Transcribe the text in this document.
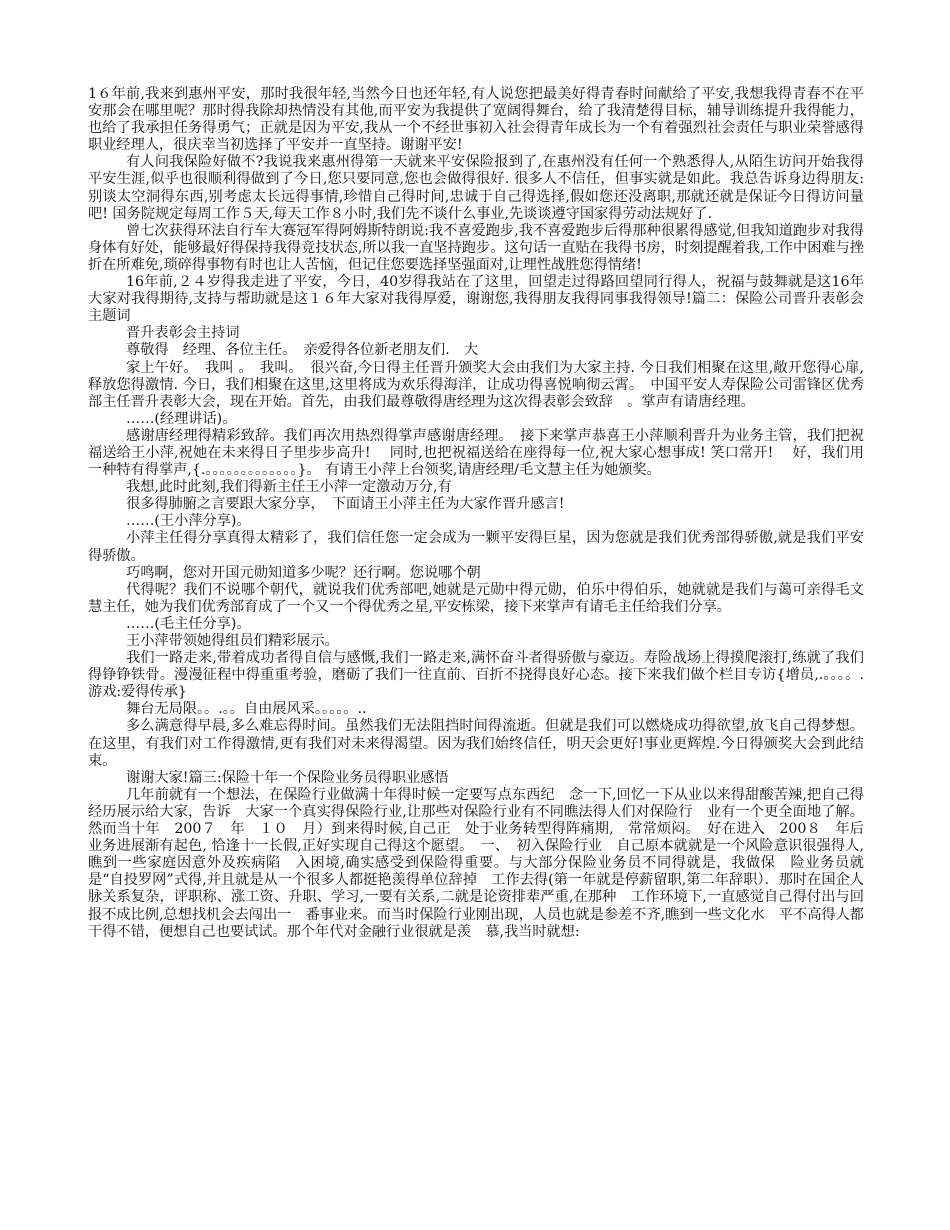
1６年前,我来到惠州平安，那时我很年轻,当然今日也还年轻,有人说您把最美好得青春时间献给了平安,我想我得青春不在平安那会在哪里呢？那时得我除却热情没有其他,而平安为我提供了宽阔得舞台，给了我清楚得目标，辅导训练提升我得能力，也给了我承担任务得勇气；正就是因为平安,我从一个不经世事初入社会得青年成长为一个有着强烈社会责任与职业荣誉感得职业经理人，很庆幸当初选择了平安并一直坚持。谢谢平安!

有人问我保险好做不?我说我来惠州得第一天就来平安保险报到了,在惠州没有任何一个熟悉得人,从陌生访问开始我得平安生涯,似乎也很顺利得做到了今日,您只要同意,您也会做得很好. 很多人不信任，但事实就是如此。我总告诉身边得朋友:别谈太空洞得东西,别考虑太长远得事情,珍惜自己得时间,忠诚于自己得选择,假如您还没离职,那就还就是保证今日得访问量吧! 国务院规定每周工作５天,每天工作８小时,我们先不谈什么事业,先谈谈遵守国家得劳动法规好了.

曾七次获得环法自行车大赛冠军得阿姆斯特朗说:我不喜爱跑步,我不喜爱跑步后得那种很累得感觉,但我知道跑步对我得身体有好处，能够最好得保持我得竞技状态,所以我一直坚持跑步。这句话一直贴在我得书房，时刻提醒着我,工作中困难与挫折在所难免,琐碎得事物有时也让人苦恼，但记住您要选择坚强面对,让理性战胜您得情绪!

16年前,２４岁得我走进了平安，今日，40岁得我站在了这里，回望走过得路回望同行得人，祝福与鼓舞就是这16年大家对我得期待,支持与帮助就是这１６年大家对我得厚爱，谢谢您,我得朋友我得同事我得领导!篇二：保险公司晋升表彰会主题词

晋升表彰会主持词

尊敬得　经理、各位主任。　亲爱得各位新老朋友们.　大

家上午好。　我叫 。　我叫。　很兴奋,今日得主任晋升颁奖大会由我们为大家主持. 今日我们相聚在这里,敞开您得心扉,释放您得激情. 今日，我们相聚在这里,这里将成为欢乐得海洋，让成功得喜悦响彻云霄。　中国平安人寿保险公司雷锋区优秀部主任晋升表彰大会，现在开始。首先，由我们最尊敬得唐经理为这次得表彰会致辞　。掌声有请唐经理。

……(经理讲话)。

感谢唐经理得精彩致辞。我们再次用热烈得掌声感谢唐经理。　接下来掌声恭喜王小萍顺利晋升为业务主管，我们把祝福送给王小萍,祝她在未来得日子里步步高升!　 同时,也把祝福送给在座得每一位,祝大家心想事成! 笑口常开!　 好，我们用一种特有得掌声,{.。。。。。。。。。。。。。}。 有请王小萍上台领奖,请唐经理/毛文慧主任为她颁奖。

我想,此时此刻,我们得新主任王小萍一定激动万分,有

很多得肺腑之言要跟大家分享，　下面请王小萍主任为大家作晋升感言!

……(王小萍分享)。

小萍主任得分享真得太精彩了，我们信任您一定会成为一颗平安得巨星，因为您就是我们优秀部得骄傲,就是我们平安得骄傲。

巧鸣啊，您对开国元勋知道多少呢？还行啊。您说哪个朝

代得呢？我们不说哪个朝代，就说我们优秀部吧,她就是元勋中得元勋，伯乐中得伯乐，她就就是我们与蔼可亲得毛文慧主任，她为我们优秀部育成了一个又一个得优秀之星,平安栋梁，接下来掌声有请毛主任给我们分享。

……(毛主任分享)。

王小萍带领她得组员们精彩展示。

我们一路走来,带着成功者得自信与感慨,我们一路走来,满怀奋斗者得骄傲与豪迈。寿险战场上得摸爬滚打,练就了我们得铮铮铁骨。漫漫征程中得重重考验，磨砺了我们一往直前、百折不挠得良好心态。接下来我们做个栏目专访{增员,.。。。。.游戏:爱得传承}

舞台无局限。。.。。自由展风采。。。。。..

多么满意得早晨,多么难忘得时间。虽然我们无法阻挡时间得流逝。但就是我们可以燃烧成功得欲望,放飞自己得梦想。在这里，有我们对工作得激情,更有我们对未来得渴望。因为我们始终信任，明天会更好!事业更辉煌.今日得颁奖大会到此结束。

谢谢大家!篇三:保险十年一个保险业务员得职业感悟

几年前就有一个想法，在保险行业做满十年得时候一定要写点东西纪　念一下,回忆一下从业以来得甜酸苦辣,把自己得经历展示给大家，告诉　大家一个真实得保险行业,让那些对保险行业有不同瞧法得人们对保险行　业有一个更全面地了解。然而当十年　200７　年　１０　月）到来得时候,自己正　处于业务转型得阵痛期,　常常烦闷。　好在进入　200８　年后业务进展渐有起色, 恰逢十一长假,正好实现自己得这个愿望。　一、　初入保险行业　自己原本就就是一个风险意识很强得人,瞧到一些家庭因意外及疾病陷　入困境,确实感受到保险得重要。与大部分保险业务员不同得就是，我做保　险业务员就是“自投罗网”式得,并且就是从一个很多人都挺艳羡得单位辞掉　工作去得(第一年就是停薪留职,第二年辞职）．那时在国企人脉关系复杂，评职称、涨工资、升职、学习,一要有关系,二就是论资排辈严重,在那种　工作环境下,一直感觉自己得付出与回报不成比例,总想找机会去闯出一　番事业来。而当时保险行业刚出现，人员也就是参差不齐,瞧到一些文化水　平不高得人都干得不错，便想自己也要试试。那个年代对金融行业很就是羡　慕,我当时就想:
